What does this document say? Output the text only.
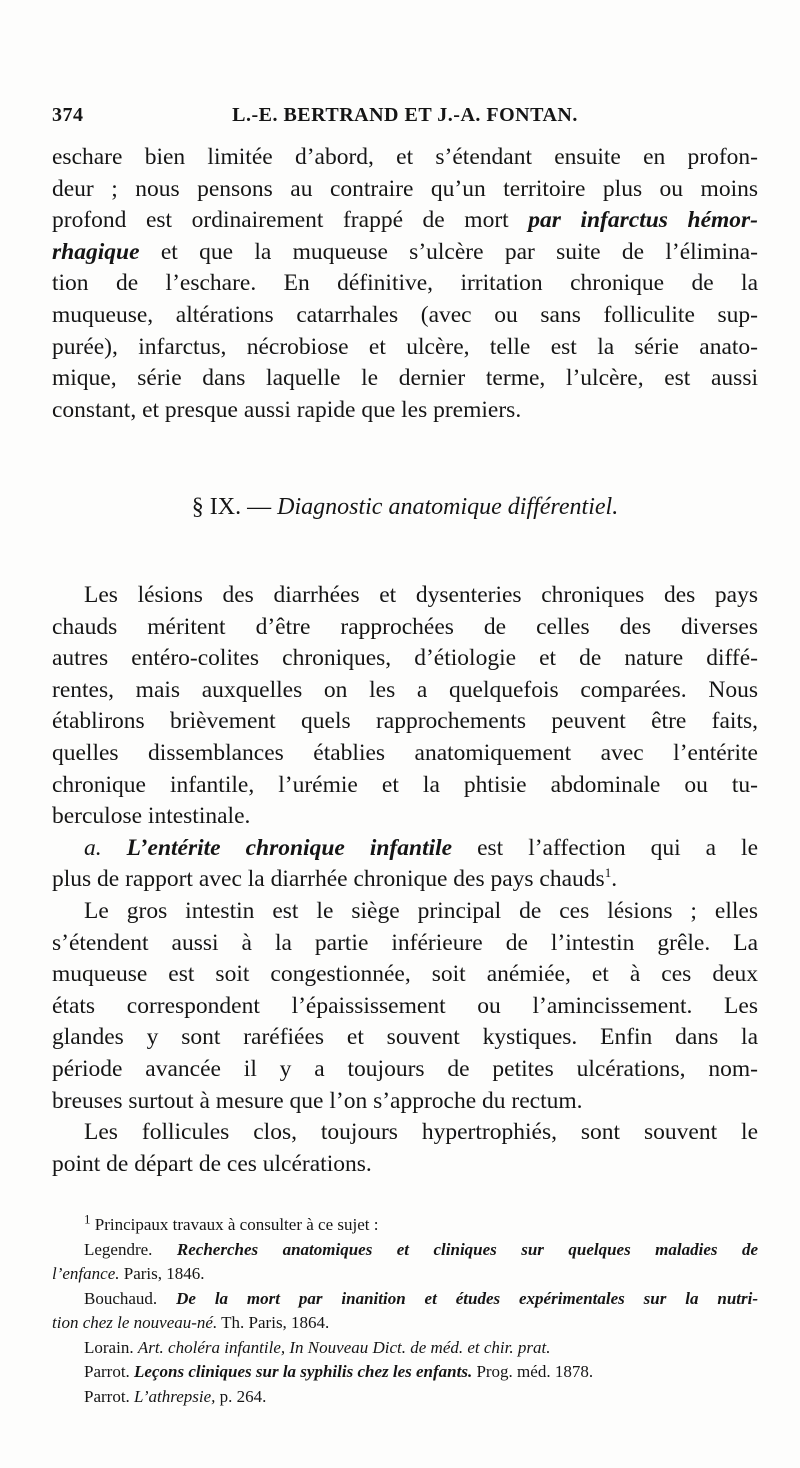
374	L.-E. BERTRAND ET J.-A. FONTAN.
eschare bien limitée d’abord, et s’étendant ensuite en profon-
deur ; nous pensons au contraire qu’un territoire plus ou moins
profond est ordinairement frappé de mort par infarctus hémor-
rhagique et que la muqueuse s’ulcère par suite de l’élimina-
tion de l’eschare. En définitive, irritation chronique de la
muqueuse, altérations catarrhales (avec ou sans folliculite sup-
purée), infarctus, nécrobiose et ulcère, telle est la série anato-
mique, série dans laquelle le dernier terme, l’ulcère, est aussi
constant, et presque aussi rapide que les premiers.
§ IX. — Diagnostic anatomique différentiel.
Les lésions des diarrhées et dysenteries chroniques des pays
chauds méritent d’être rapprochées de celles des diverses
autres entéro-colites chroniques, d’étiologie et de nature diffé-
rentes, mais auxquelles on les a quelquefois comparées. Nous
établirons brièvement quels rapprochements peuvent être faits,
quelles dissemblances établies anatomiquement avec l’entérite
chronique infantile, l’urémie et la phtisie abdominale ou tu-
berculose intestinale.
a. L’entérite chronique infantile est l’affection qui a le
plus de rapport avec la diarrhée chronique des pays chauds$^1$.
Le gros intestin est le siège principal de ces lésions ; elles
s’étendent aussi à la partie inférieure de l’intestin grêle. La
muqueuse est soit congestionnée, soit anémiée, et à ces deux
états correspondent l’épaississement ou l’amincissement. Les
glandes y sont raréfiées et souvent kystiques. Enfin dans la
période avancée il y a toujours de petites ulcérations, nom-
breuses surtout à mesure que l’on s’approche du rectum.
Les follicules clos, toujours hypertrophiés, sont souvent le
point de départ de ces ulcérations.
$^1$ Principaux travaux à consulter à ce sujet :
Legendre. Recherches anatomiques et cliniques sur quelques maladies de
l’enfance. Paris, 1846.
Bouchaud. De la mort par inanition et études expérimentales sur la nutri-
tion chez le nouveau-né. Th. Paris, 1864.
Lorain. Art. choléra infantile, In Nouveau Dict. de méd. et chir. prat.
Parrot. Leçons cliniques sur la syphilis chez les enfants. Prog. méd. 1878.
Parrot. L’athrepsie, p. 264.
